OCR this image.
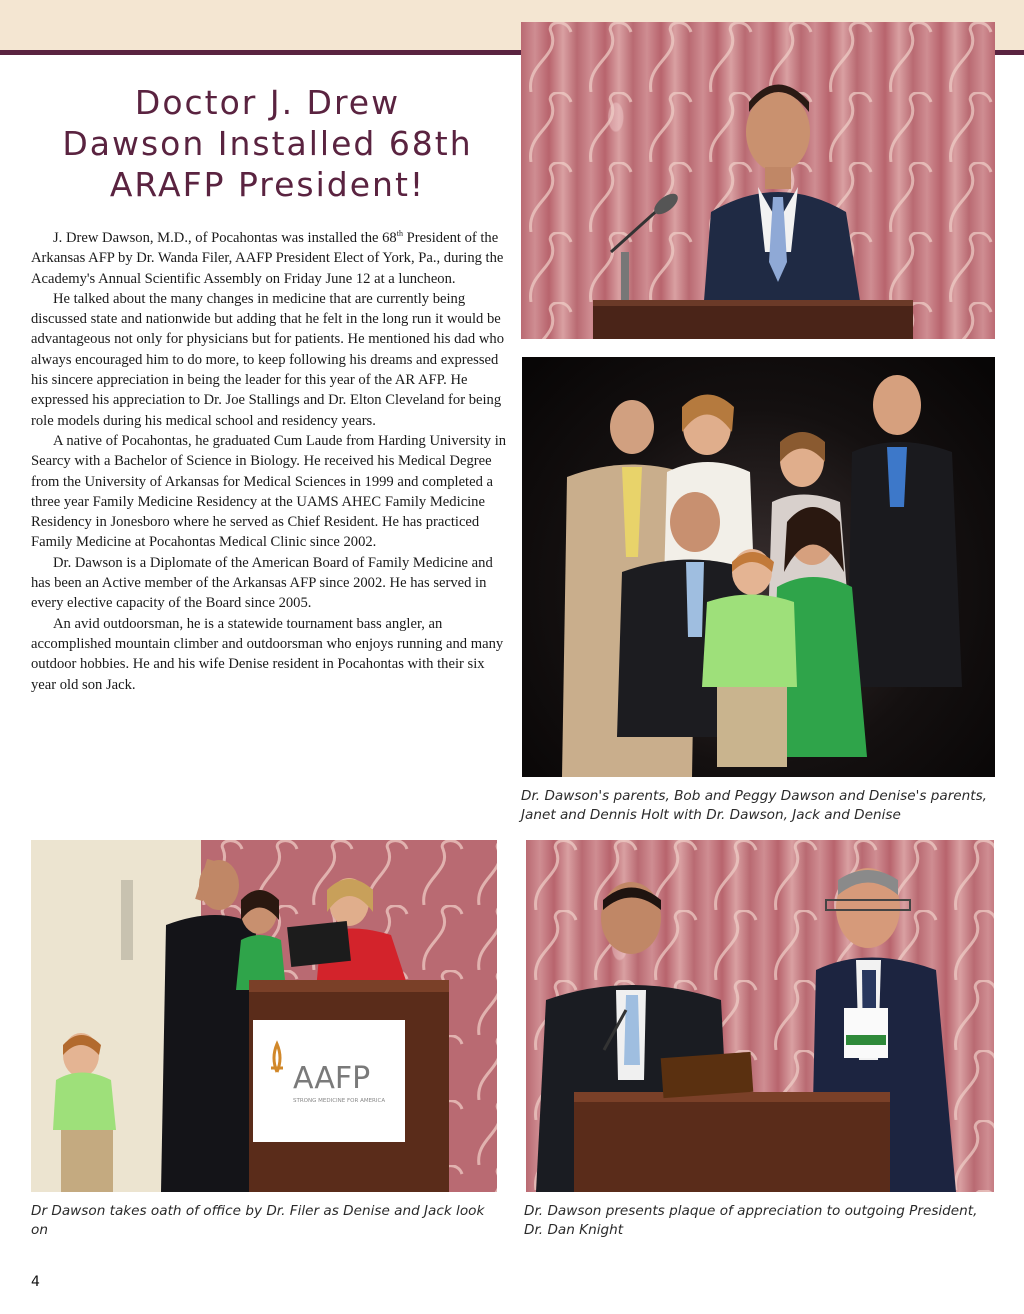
Doctor J. Drew
Dawson Installed 68th
ARAFP President!

J. Drew Dawson, M.D., of Pocahontas was installed the 68th President of the Arkansas AFP by Dr. Wanda Filer, AAFP President Elect of York, Pa., during the Academy's Annual Scientific Assembly on Friday June 12 at a luncheon.

He talked about the many changes in medicine that are currently being discussed state and nationwide but adding that he felt in the long run it would be advantageous not only for physicians but for patients. He mentioned his dad who always encouraged him to do more, to keep following his dreams and expressed his sincere appreciation in being the leader for this year of the AR AFP. He expressed his appreciation to Dr. Joe Stallings and Dr. Elton Cleveland for being role models during his medical school and residency years.

A native of Pocahontas, he graduated Cum Laude from Harding University in Searcy with a Bachelor of Science in Biology. He received his Medical Degree from the University of Arkansas for Medical Sciences in 1999 and completed a three year Family Medicine Residency at the UAMS AHEC Family Medicine Residency in Jonesboro where he served as Chief Resident. He has practiced Family Medicine at Pocahontas Medical Clinic since 2002.

Dr. Dawson is a Diplomate of the American Board of Family Medicine and has been an Active member of the Arkansas AFP since 2002. He has served in every elective capacity of the Board since 2005.

An avid outdoorsman, he is a statewide tournament bass angler, an accomplished mountain climber and outdoorsman who enjoys running and many outdoor hobbies. He and his wife Denise resident in Pocahontas with their six year old son Jack.

Dr. Dawson's parents, Bob and Peggy Dawson and Denise's parents, Janet and Dennis Holt with Dr. Dawson, Jack and Denise

AAFP
STRONG MEDICINE FOR AMERICA

Dr Dawson takes oath of office by Dr. Filer as Denise and Jack look on

Dr. Dawson presents plaque of appreciation to outgoing President, Dr. Dan Knight

4
